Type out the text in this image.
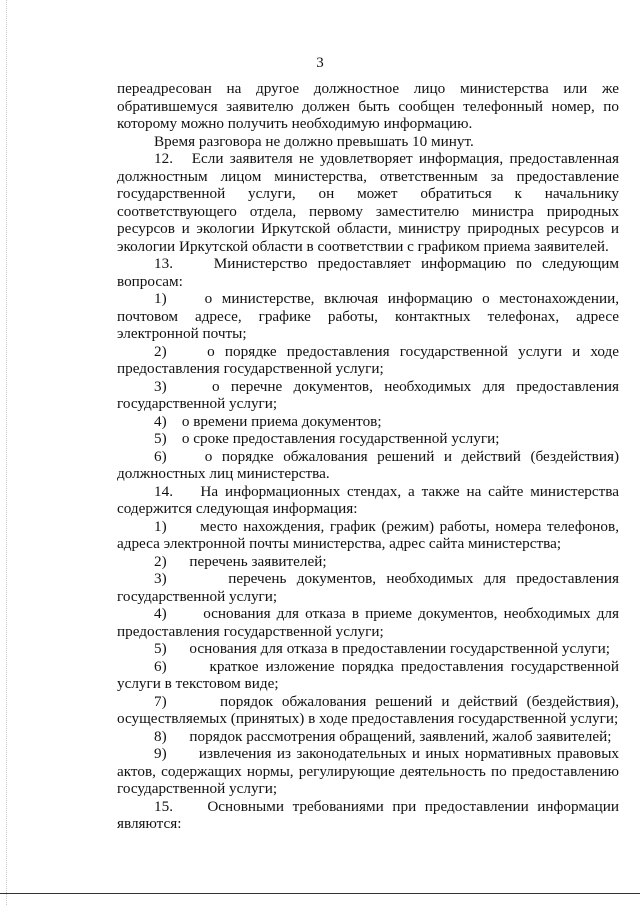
3

переадресован на другое должностное лицо министерства или же обратившемуся заявителю должен быть сообщен телефонный номер, по которому можно получить необходимую информацию.

Время разговора не должно превышать 10 минут.

12.   Если заявителя не удовлетворяет информация, предоставленная должностным лицом министерства, ответственным за предоставление государственной услуги, он может обратиться к начальнику соответствующего отдела, первому заместителю министра природных ресурсов и экологии Иркутской области, министру природных ресурсов и экологии Иркутской области в соответствии с графиком приема заявителей.

13.    Министерство предоставляет информацию по следующим вопросам:

1)    о министерстве, включая информацию о местонахождении, почтовом адресе, графике работы, контактных телефонах, адресе электронной почты;

2)    о порядке предоставления государственной услуги и ходе предоставления государственной услуги;

3)    о перечне документов, необходимых для предоставления государственной услуги;

4)    о времени приема документов;

5)    о сроке предоставления государственной услуги;

6)    о порядке обжалования решений и действий (бездействия) должностных лиц министерства.

14.    На информационных стендах, а также на сайте министерства содержится следующая информация:

1)      место нахождения, график (режим) работы, номера телефонов, адреса электронной почты министерства, адрес сайта министерства;

2)      перечень заявителей;

3)      перечень документов, необходимых для предоставления государственной услуги;

4)      основания для отказа в приеме документов, необходимых для предоставления государственной услуги;

5)      основания для отказа в предоставлении государственной услуги;

6)      краткое изложение порядка предоставления государственной услуги в текстовом виде;

7)      порядок обжалования решений и действий (бездействия), осуществляемых (принятых) в ходе предоставления государственной услуги;

8)      порядок рассмотрения обращений, заявлений, жалоб заявителей;

9)      извлечения из законодательных и иных нормативных правовых актов, содержащих нормы, регулирующие деятельность по предоставлению государственной услуги;

15.    Основными требованиями при предоставлении информации являются:
